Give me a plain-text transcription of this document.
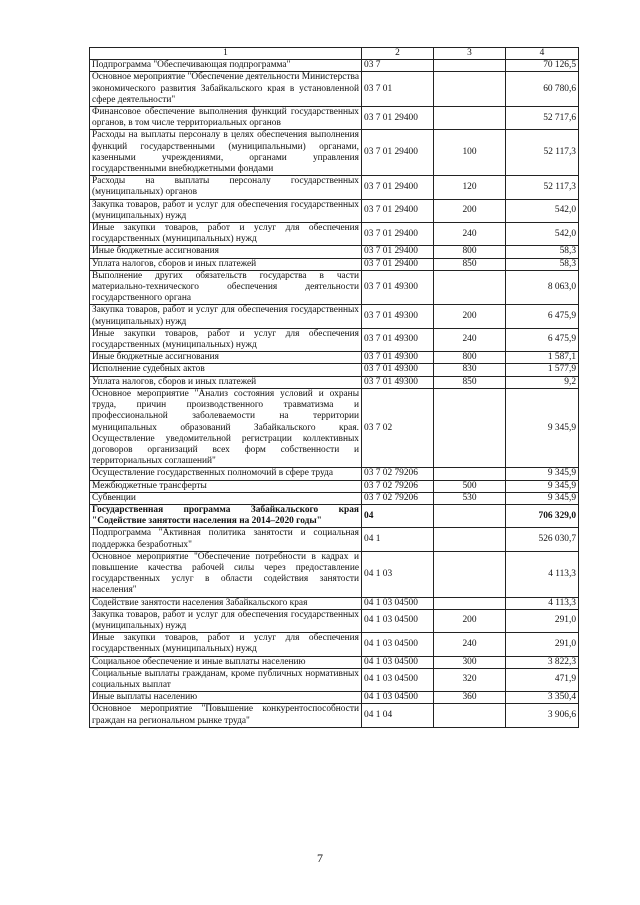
1	2	3	4
Подпрограмма "Обеспечивающая подпрограмма"	03 7		70 126,5
Основное мероприятие "Обеспечение деятельности Министерства экономического развития Забайкальского края в установленной сфере деятельности"	03 7 01		60 780,6
Финансовое обеспечение выполнения функций государственных органов, в том числе территориальных органов	03 7 01 29400		52 717,6
Расходы на выплаты персоналу в целях обеспечения выполнения функций государственными (муниципальными) органами, казенными учреждениями, органами управления государственными внебюджетными фондами	03 7 01 29400	100	52 117,3
Расходы на выплаты персоналу государственных (муниципальных) органов	03 7 01 29400	120	52 117,3
Закупка товаров, работ и услуг для обеспечения государственных (муниципальных) нужд	03 7 01 29400	200	542,0
Иные закупки товаров, работ и услуг для обеспечения государственных (муниципальных) нужд	03 7 01 29400	240	542,0
Иные бюджетные ассигнования	03 7 01 29400	800	58,3
Уплата налогов, сборов и иных платежей	03 7 01 29400	850	58,3
Выполнение других обязательств государства в части материально-технического обеспечения деятельности государственного органа	03 7 01 49300		8 063,0
Закупка товаров, работ и услуг для обеспечения государственных (муниципальных) нужд	03 7 01 49300	200	6 475,9
Иные закупки товаров, работ и услуг для обеспечения государственных (муниципальных) нужд	03 7 01 49300	240	6 475,9
Иные бюджетные ассигнования	03 7 01 49300	800	1 587,1
Исполнение судебных актов	03 7 01 49300	830	1 577,9
Уплата налогов, сборов и иных платежей	03 7 01 49300	850	9,2
Основное мероприятие "Анализ состояния условий и охраны труда, причин производственного травматизма и профессиональной заболеваемости на территории муниципальных образований Забайкальского края. Осуществление уведомительной регистрации коллективных договоров организаций всех форм собственности и территориальных соглашений"	03 7 02		9 345,9
Осуществление государственных полномочий в сфере труда	03 7 02 79206		9 345,9
Межбюджетные трансферты	03 7 02 79206	500	9 345,9
Субвенции	03 7 02 79206	530	9 345,9
Государственная программа Забайкальского края "Содействие занятости населения на 2014–2020 годы"	04		706 329,0
Подпрограмма "Активная политика занятости и социальная поддержка безработных"	04 1		526 030,7
Основное мероприятие "Обеспечение потребности в кадрах и повышение качества рабочей силы через предоставление государственных услуг в области содействия занятости населения"	04 1 03		4 113,3
Содействие занятости населения Забайкальского края	04 1 03 04500		4 113,3
Закупка товаров, работ и услуг для обеспечения государственных (муниципальных) нужд	04 1 03 04500	200	291,0
Иные закупки товаров, работ и услуг для обеспечения государственных (муниципальных) нужд	04 1 03 04500	240	291,0
Социальное обеспечение и иные выплаты населению	04 1 03 04500	300	3 822,3
Социальные выплаты гражданам, кроме публичных нормативных социальных выплат	04 1 03 04500	320	471,9
Иные выплаты населению	04 1 03 04500	360	3 350,4
Основное мероприятие "Повышение конкурентоспособности граждан на региональном рынке труда"	04 1 04		3 906,6
7
